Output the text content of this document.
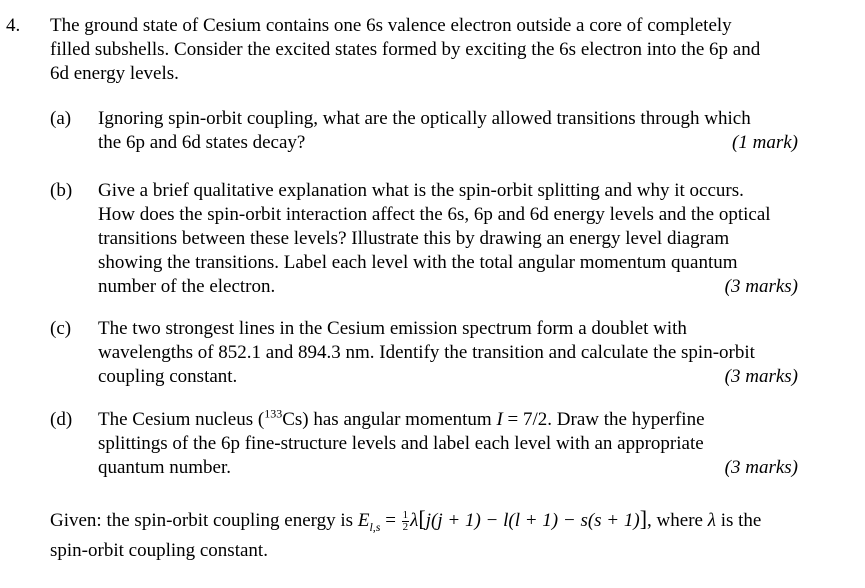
4. The ground state of Cesium contains one 6s valence electron outside a core of completely
filled subshells. Consider the excited states formed by exciting the 6s electron into the 6p and
6d energy levels.
(a) Ignoring spin-orbit coupling, what are the optically allowed transitions through which
the 6p and 6d states decay?	(1 mark)
(b) Give a brief qualitative explanation what is the spin-orbit splitting and why it occurs.
How does the spin-orbit interaction affect the 6s, 6p and 6d energy levels and the optical
transitions between these levels? Illustrate this by drawing an energy level diagram
showing the transitions. Label each level with the total angular momentum quantum
number of the electron.	(3 marks)
(c) The two strongest lines in the Cesium emission spectrum form a doublet with
wavelengths of 852.1 and 894.3 nm. Identify the transition and calculate the spin-orbit
coupling constant.	(3 marks)
(d) The Cesium nucleus ($^{133}$Cs) has angular momentum I = 7/2. Draw the hyperfine
splittings of the 6p fine-structure levels and label each level with an appropriate
quantum number.	(3 marks)
Given: the spin-orbit coupling energy is $E_{l,s} = \frac{1}{2} \lambda[j(j + 1) - l(l + 1) - s(s + 1)]$, where λ is the
spin-orbit coupling constant.
